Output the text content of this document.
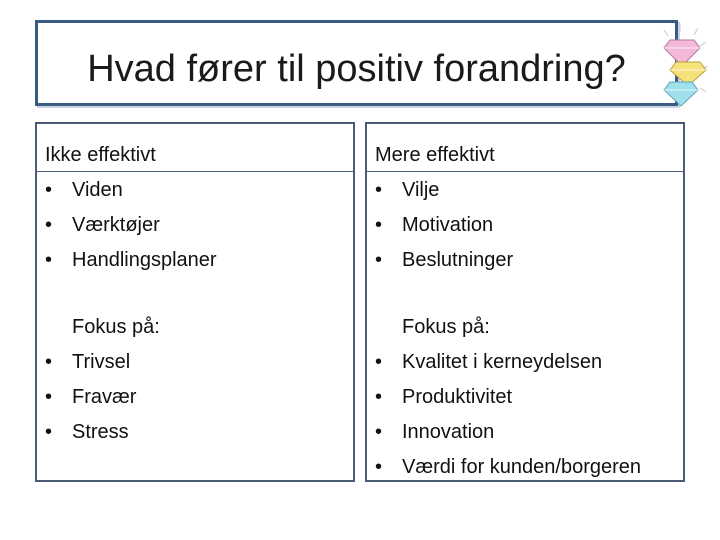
Hvad fører til positiv forandring?
Ikke effektivt
• Viden
• Værktøjer
• Handlingsplaner
Fokus på:
• Trivsel
• Fravær
• Stress
Mere effektivt
• Vilje
• Motivation
• Beslutninger
Fokus på:
• Kvalitet i kerneydelsen
• Produktivitet
• Innovation
• Værdi for kunden/borgeren
